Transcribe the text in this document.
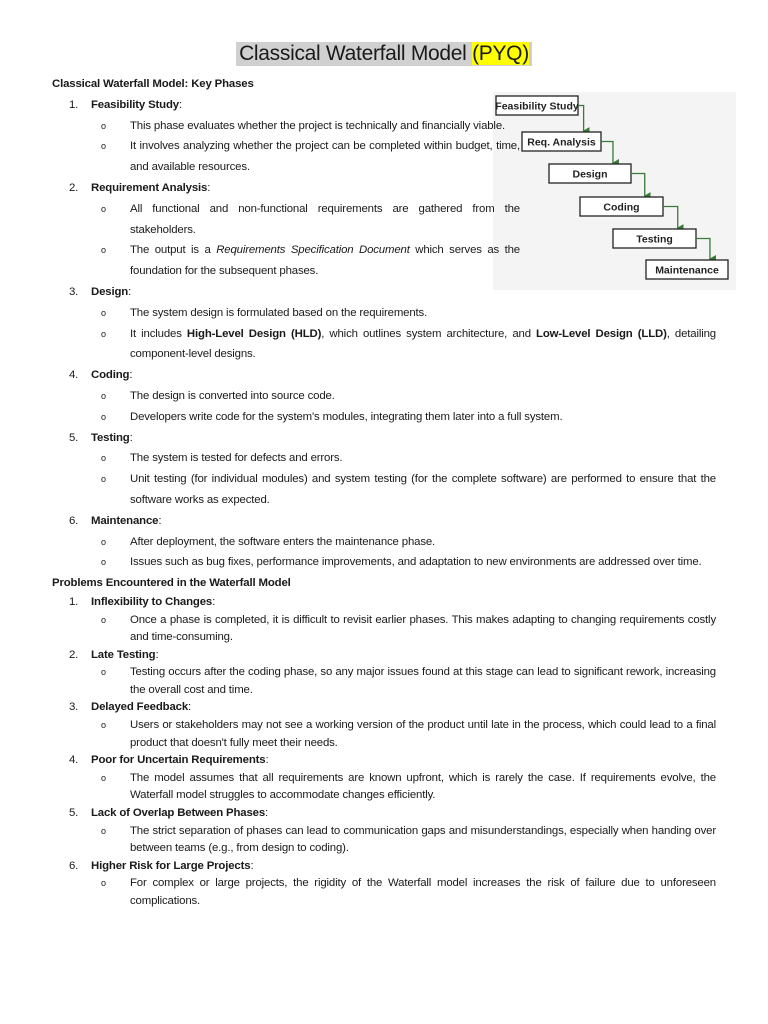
Classical Waterfall Model (PYQ)
Feasibility Study
Req. Analysis
Design
Coding
Testing
Maintenance
Classical Waterfall Model: Key Phases
1. Feasibility Study:
o This phase evaluates whether the project is technically and financially viable.
o It involves analyzing whether the project can be completed within budget, time, and available resources.
2. Requirement Analysis:
o All functional and non-functional requirements are gathered from the stakeholders.
o The output is a Requirements Specification Document which serves as the foundation for the subsequent phases.
3. Design:
o The system design is formulated based on the requirements.
o It includes High-Level Design (HLD), which outlines system architecture, and Low-Level Design (LLD), detailing component-level designs.
4. Coding:
o The design is converted into source code.
o Developers write code for the system's modules, integrating them later into a full system.
5. Testing:
o The system is tested for defects and errors.
o Unit testing (for individual modules) and system testing (for the complete software) are performed to ensure that the software works as expected.
6. Maintenance:
o After deployment, the software enters the maintenance phase.
o Issues such as bug fixes, performance improvements, and adaptation to new environments are addressed over time.
Problems Encountered in the Waterfall Model
1. Inflexibility to Changes:
o Once a phase is completed, it is difficult to revisit earlier phases. This makes adapting to changing requirements costly and time-consuming.
2. Late Testing:
o Testing occurs after the coding phase, so any major issues found at this stage can lead to significant rework, increasing the overall cost and time.
3. Delayed Feedback:
o Users or stakeholders may not see a working version of the product until late in the process, which could lead to a final product that doesn't fully meet their needs.
4. Poor for Uncertain Requirements:
o The model assumes that all requirements are known upfront, which is rarely the case. If requirements evolve, the Waterfall model struggles to accommodate changes efficiently.
5. Lack of Overlap Between Phases:
o The strict separation of phases can lead to communication gaps and misunderstandings, especially when handing over between teams (e.g., from design to coding).
6. Higher Risk for Large Projects:
o For complex or large projects, the rigidity of the Waterfall model increases the risk of failure due to unforeseen complications.
